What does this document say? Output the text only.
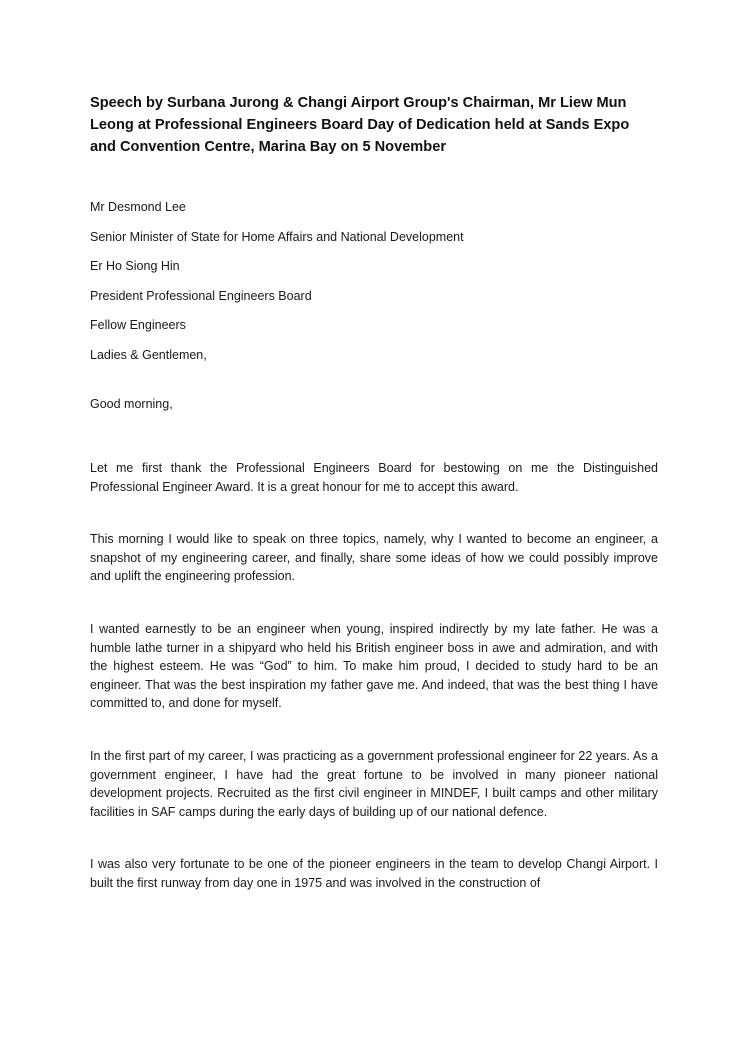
Speech by Surbana Jurong & Changi Airport Group's Chairman, Mr Liew Mun Leong at Professional Engineers Board Day of Dedication held at Sands Expo and Convention Centre, Marina Bay on 5 November
Mr Desmond Lee
Senior Minister of State for Home Affairs and National Development
Er Ho Siong Hin
President Professional Engineers Board
Fellow Engineers
Ladies & Gentlemen,
Good morning,

Let me first thank the Professional Engineers Board for bestowing on me the Distinguished Professional Engineer Award. It is a great honour for me to accept this award.

This morning I would like to speak on three topics, namely, why I wanted to become an engineer, a snapshot of my engineering career, and finally, share some ideas of how we could possibly improve and uplift the engineering profession.

I wanted earnestly to be an engineer when young, inspired indirectly by my late father. He was a humble lathe turner in a shipyard who held his British engineer boss in awe and admiration, and with the highest esteem. He was “God” to him. To make him proud, I decided to study hard to be an engineer. That was the best inspiration my father gave me. And indeed, that was the best thing I have committed to, and done for myself.

In the first part of my career, I was practicing as a government professional engineer for 22 years. As a government engineer, I have had the great fortune to be involved in many pioneer national development projects. Recruited as the first civil engineer in MINDEF, I built camps and other military facilities in SAF camps during the early days of building up of our national defence.

I was also very fortunate to be one of the pioneer engineers in the team to develop Changi Airport. I built the first runway from day one in 1975 and was involved in the construction of
